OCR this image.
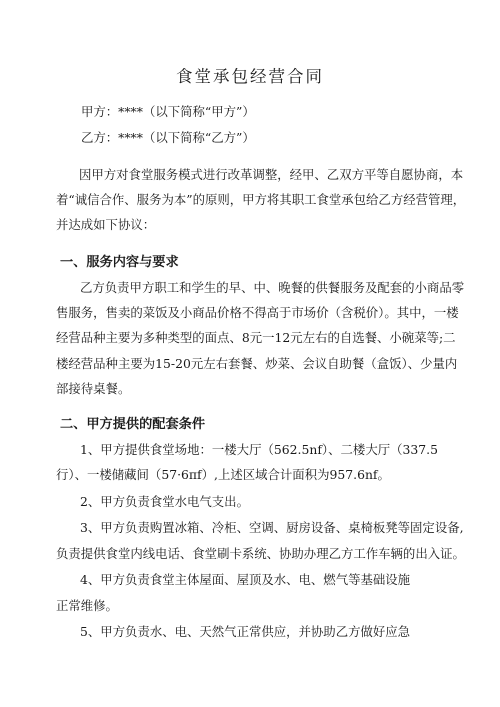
食堂承包经营合同
甲方：****（以下简称“甲方”）
乙方：****（以下简称“乙方”）
因甲方对食堂服务模式进行改革调整，经甲、乙双方平等自愿协商，本
着“诚信合作、服务为本”的原则，甲方将其职工食堂承包给乙方经营管理，
并达成如下协议：
一、服务内容与要求
乙方负责甲方职工和学生的早、中、晚餐的供餐服务及配套的小商品零
售服务，售卖的菜饭及小商品价格不得高于市场价（含税价）。其中，一楼
经营品种主要为多种类型的面点、8元一12元左右的自选餐、小碗菜等;二
楼经营品种主要为15-20元左右套餐、炒菜、会议自助餐（盒饭）、少量内
部接待桌餐。
二、甲方提供的配套条件
1、甲方提供食堂场地：一楼大厅（562.5nf）、二楼大厅（337.5
行）、一楼储藏间（57·6πf）,上述区域合计面积为957.6nf。
2、甲方负责食堂水电气支出。
3、甲方负责购置冰箱、冷柜、空调、厨房设备、桌椅板凳等固定设备,
负责提供食堂内线电话、食堂刷卡系统、协助办理乙方工作车辆的出入证。
4、甲方负责食堂主体屋面、屋顶及水、电、燃气等基础设施
正常维修。
5、甲方负责水、电、天然气正常供应，并协助乙方做好应急
